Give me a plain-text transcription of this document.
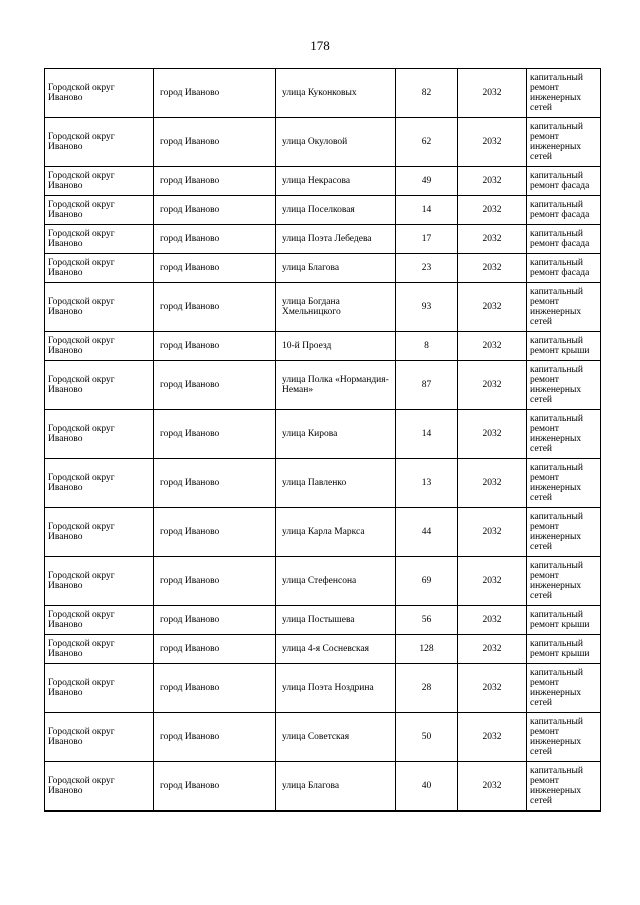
178
Городской округ Иваново	город Иваново	улица Куконковых	82	2032	капитальный ремонт инженерных сетей
Городской округ Иваново	город Иваново	улица Окуловой	62	2032	капитальный ремонт инженерных сетей
Городской округ Иваново	город Иваново	улица Некрасова	49	2032	капитальный ремонт фасада
Городской округ Иваново	город Иваново	улица Поселковая	14	2032	капитальный ремонт фасада
Городской округ Иваново	город Иваново	улица Поэта Лебедева	17	2032	капитальный ремонт фасада
Городской округ Иваново	город Иваново	улица Благова	23	2032	капитальный ремонт фасада
Городской округ Иваново	город Иваново	улица Богдана Хмельницкого	93	2032	капитальный ремонт инженерных сетей
Городской округ Иваново	город Иваново	10-й Проезд	8	2032	капитальный ремонт крыши
Городской округ Иваново	город Иваново	улица Полка «Нормандия-Неман»	87	2032	капитальный ремонт инженерных сетей
Городской округ Иваново	город Иваново	улица Кирова	14	2032	капитальный ремонт инженерных сетей
Городской округ Иваново	город Иваново	улица Павленко	13	2032	капитальный ремонт инженерных сетей
Городской округ Иваново	город Иваново	улица Карла Маркса	44	2032	капитальный ремонт инженерных сетей
Городской округ Иваново	город Иваново	улица Стефенсона	69	2032	капитальный ремонт инженерных сетей
Городской округ Иваново	город Иваново	улица Постышева	56	2032	капитальный ремонт крыши
Городской округ Иваново	город Иваново	улица 4-я Сосневская	128	2032	капитальный ремонт крыши
Городской округ Иваново	город Иваново	улица Поэта Ноздрина	28	2032	капитальный ремонт инженерных сетей
Городской округ Иваново	город Иваново	улица Советская	50	2032	капитальный ремонт инженерных сетей
Городской округ Иваново	город Иваново	улица Благова	40	2032	капитальный ремонт инженерных сетей
